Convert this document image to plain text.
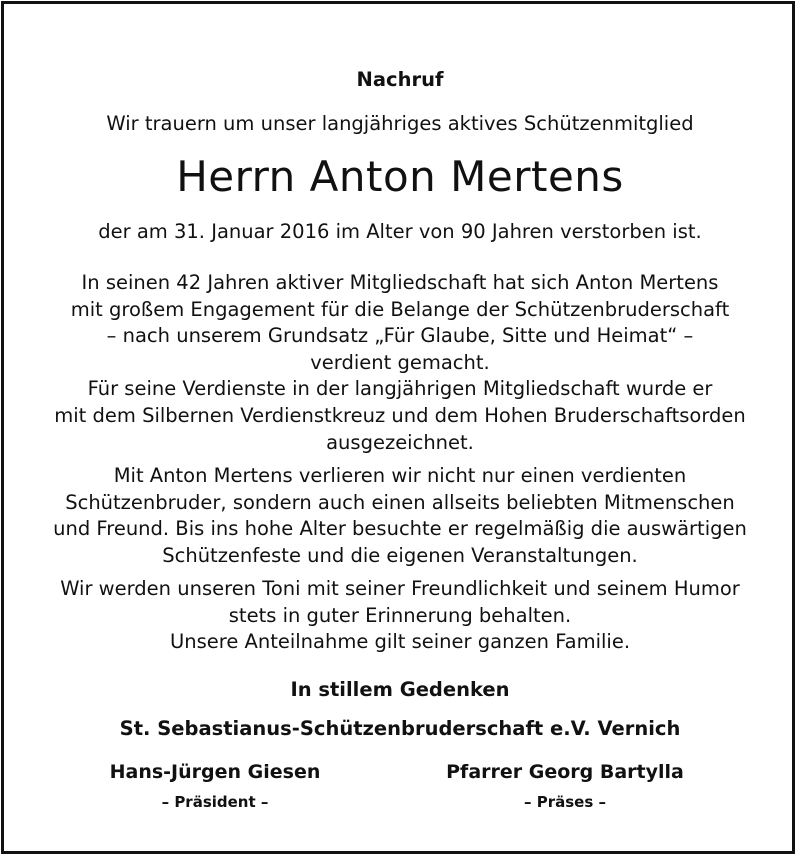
Nachruf
Wir trauern um unser langjähriges aktives Schützenmitglied
Herrn Anton Mertens
der am 31. Januar 2016 im Alter von 90 Jahren verstorben ist.
In seinen 42 Jahren aktiver Mitgliedschaft hat sich Anton Mertens
mit großem Engagement für die Belange der Schützenbruderschaft
– nach unserem Grundsatz „Für Glaube, Sitte und Heimat“ –
verdient gemacht.
Für seine Verdienste in der langjährigen Mitgliedschaft wurde er
mit dem Silbernen Verdienstkreuz und dem Hohen Bruderschaftsorden
ausgezeichnet.
Mit Anton Mertens verlieren wir nicht nur einen verdienten
Schützenbruder, sondern auch einen allseits beliebten Mitmenschen
und Freund. Bis ins hohe Alter besuchte er regelmäßig die auswärtigen
Schützenfeste und die eigenen Veranstaltungen.
Wir werden unseren Toni mit seiner Freundlichkeit und seinem Humor
stets in guter Erinnerung behalten.
Unsere Anteilnahme gilt seiner ganzen Familie.
In stillem Gedenken
St. Sebastianus-Schützenbruderschaft e.V. Vernich
Hans-Jürgen Giesen
– Präsident –
Pfarrer Georg Bartylla
– Präses –
